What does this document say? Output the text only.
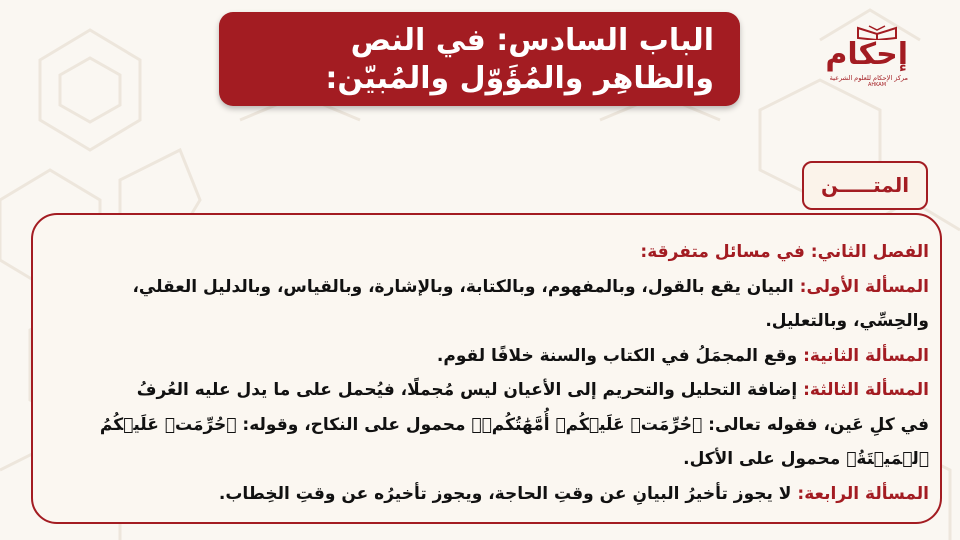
الباب السادس: في النص
والظاهِر والمُؤَوّل والمُبيّن:
إحكام
مركز الإحكام للعلوم الشرعية
AHKAM
المتـــــن
الفصل الثاني: في مسائل متفرقة:
المسألة الأولى: البيان يقع بالقول، وبالمفهوم، وبالكتابة، وبالإشارة، وبالقياس، وبالدليل العقلي،
والحِسِّي، وبالتعليل.
المسألة الثانية: وقع المجمَلُ في الكتاب والسنة خلافًا لقوم.
المسألة الثالثة: إضافة التحليل والتحريم إلى الأعيان ليس مُجملًا، فيُحمل على ما يدل عليه العُرفُ
في كلِ عَين، فقوله تعالى: ﴿حُرِّمَتۡ عَلَيۡكُمۡ أُمَّهَٰتُكُمۡ﴾ محمول على النكاح، وقوله: ﴿حُرِّمَتۡ عَلَيۡكُمُ
ٱلۡمَيۡتَةُ﴾ محمول على الأكل.
المسألة الرابعة: لا يجوز تأخيرُ البيانِ عن وقتِ الحاجة، ويجوز تأخيرُه عن وقتِ الخِطاب.
